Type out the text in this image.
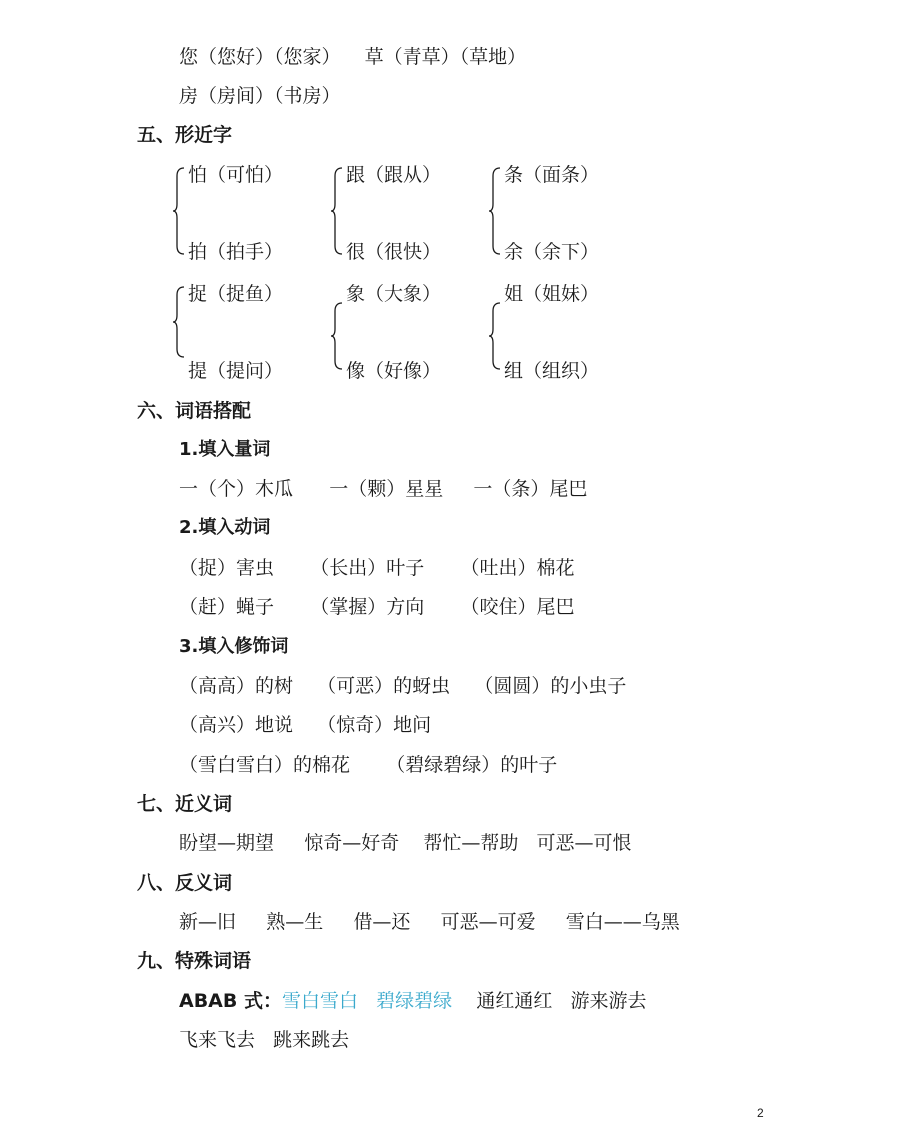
您（您好）（您家）    草（青草）（草地）
房（房间）（书房）
五、形近字
怕（可怕）
拍（拍手）
跟（跟从）
很（很快）
条（面条）
余（余下）
捉（捉鱼）
提（提问）
象（大象）
像（好像）
姐（姐妹）
组（组织）
六、词语搭配
1.填入量词
一（个）木瓜      一（颗）星星     一（条）尾巴
2.填入动词
（捉）害虫      （长出）叶子      （吐出）棉花
（赶）蝇子      （掌握）方向      （咬住）尾巴
3.填入修饰词
（高高）的树    （可恶）的蚜虫    （圆圆）的小虫子
（高兴）地说    （惊奇）地问
（雪白雪白）的棉花      （碧绿碧绿）的叶子
七、近义词
盼望—期望     惊奇—好奇    帮忙—帮助   可恶—可恨
八、反义词
新—旧     熟—生     借—还     可恶—可爱     雪白——乌黑
九、特殊词语
ABAB 式：雪白雪白 碧绿碧绿 通红通红   游来游去
飞来飞去   跳来跳去
2
